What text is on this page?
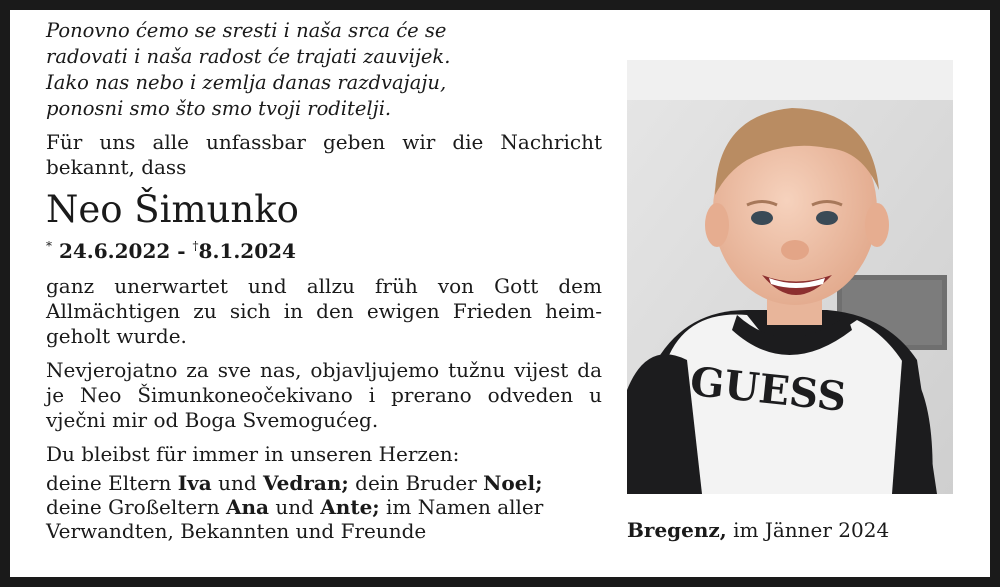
Ponovno ćemo se sresti i naša srca će se
radovati i naša radost će trajati zauvijek.
Iako nas nebo i zemlja danas razdvajaju,
ponosni smo što smo tvoji roditelji.

Für uns alle unfassbar geben wir die Nachricht bekannt, dass

Neo Šimunko
* 24.6.2022 - †8.1.2024

ganz unerwartet und allzu früh von Gott dem Allmächtigen zu sich in den ewigen Frieden heim-geholt wurde.

Nevjerojatno za sve nas, objavljujemo tužnu vijest da je Neo Šimunkoneočekivano i prerano odveden u vječni mir od Boga Svemogućeg.

Du bleibst für immer in unseren Herzen:

deine Eltern Iva und Vedran; dein Bruder Noel;
deine Großeltern Ana und Ante; im Namen aller
Verwandten, Bekannten und Freunde

GUESS
Bregenz, im Jänner 2024
